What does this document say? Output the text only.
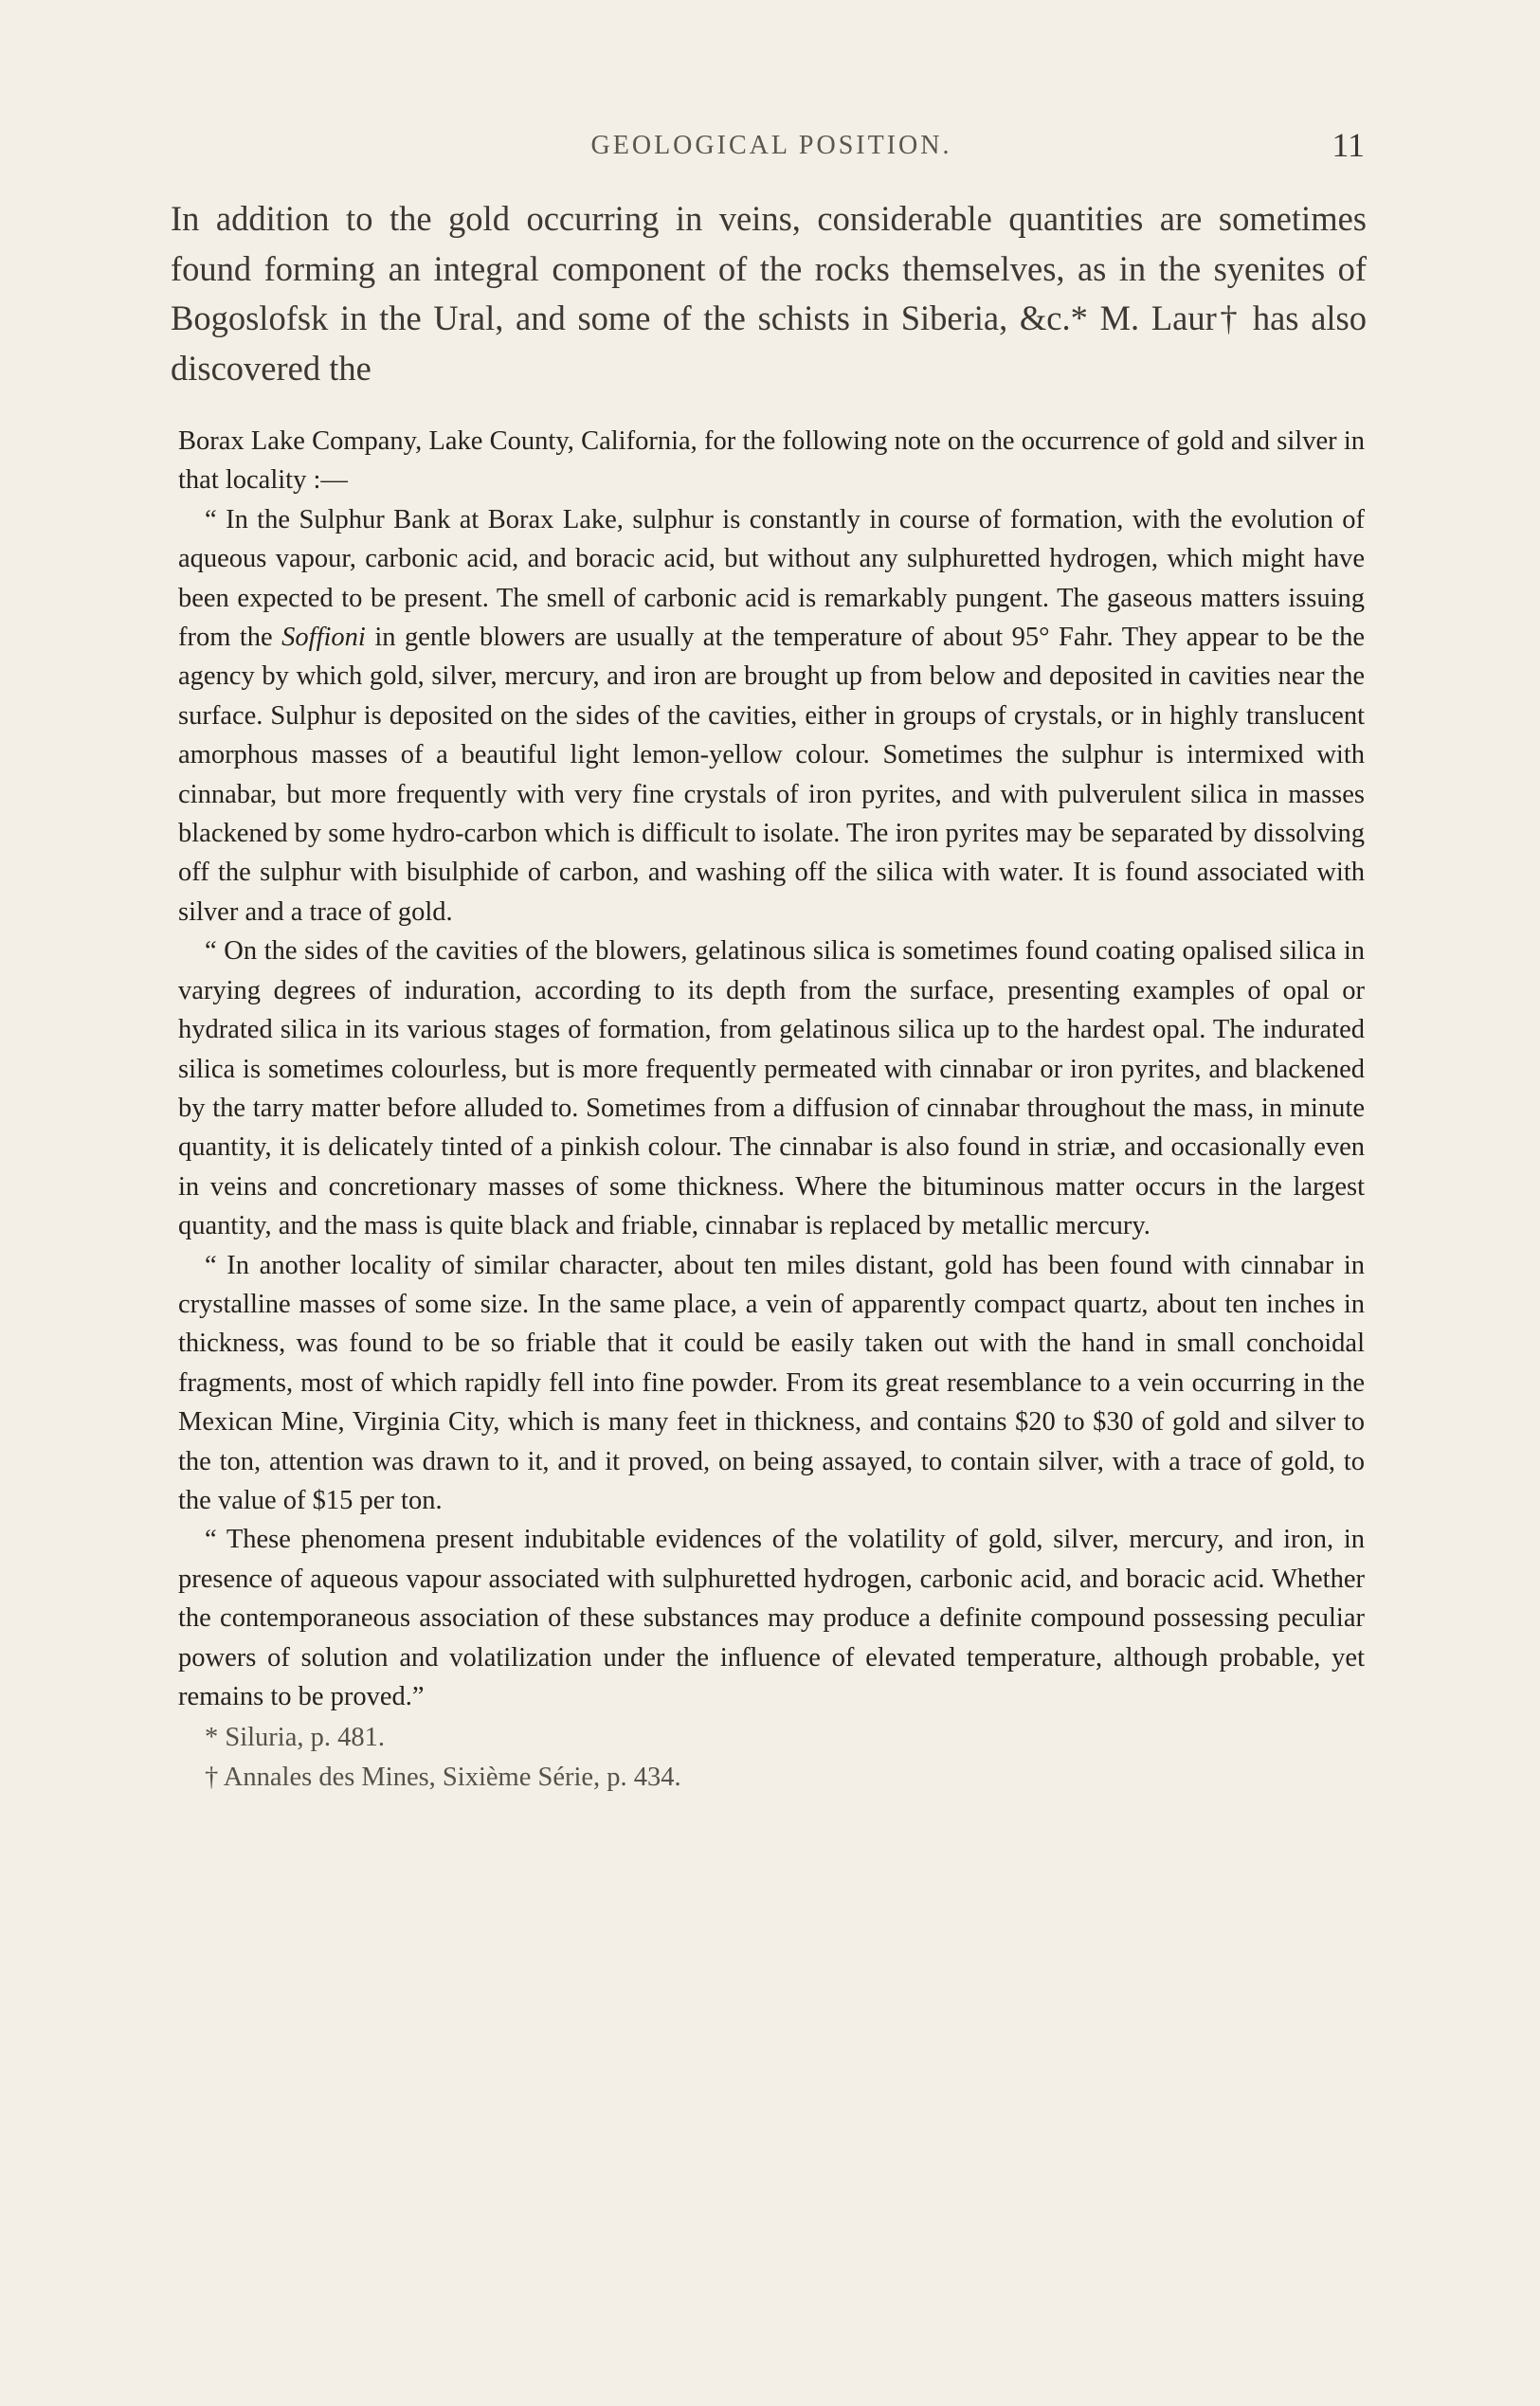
GEOLOGICAL POSITION.	11

In addition to the gold occurring in veins, considerable quantities are sometimes found forming an integral component of the rocks themselves, as in the syenites of Bogoslofsk in the Ural, and some of the schists in Siberia, &c.* M. Laur† has also discovered the

Borax Lake Company, Lake County, California, for the following note on the occurrence of gold and silver in that locality :—

“ In the Sulphur Bank at Borax Lake, sulphur is constantly in course of formation, with the evolution of aqueous vapour, carbonic acid, and boracic acid, but without any sulphuretted hydrogen, which might have been expected to be present. The smell of carbonic acid is remarkably pungent. The gaseous matters issuing from the Soffioni in gentle blowers are usually at the temperature of about 95° Fahr. They appear to be the agency by which gold, silver, mercury, and iron are brought up from below and deposited in cavities near the surface. Sulphur is deposited on the sides of the cavities, either in groups of crystals, or in highly translucent amorphous masses of a beautiful light lemon-yellow colour. Sometimes the sulphur is intermixed with cinnabar, but more frequently with very fine crystals of iron pyrites, and with pulverulent silica in masses blackened by some hydro-carbon which is difficult to isolate. The iron pyrites may be separated by dissolving off the sulphur with bisulphide of carbon, and washing off the silica with water. It is found associated with silver and a trace of gold.

“ On the sides of the cavities of the blowers, gelatinous silica is sometimes found coating opalised silica in varying degrees of induration, according to its depth from the surface, presenting examples of opal or hydrated silica in its various stages of formation, from gelatinous silica up to the hardest opal. The indurated silica is sometimes colourless, but is more frequently permeated with cinnabar or iron pyrites, and blackened by the tarry matter before alluded to. Sometimes from a diffusion of cinnabar throughout the mass, in minute quantity, it is delicately tinted of a pinkish colour. The cinnabar is also found in striæ, and occasionally even in veins and concretionary masses of some thickness. Where the bituminous matter occurs in the largest quantity, and the mass is quite black and friable, cinnabar is replaced by metallic mercury.

“ In another locality of similar character, about ten miles distant, gold has been found with cinnabar in crystalline masses of some size. In the same place, a vein of apparently compact quartz, about ten inches in thickness, was found to be so friable that it could be easily taken out with the hand in small conchoidal fragments, most of which rapidly fell into fine powder. From its great resemblance to a vein occurring in the Mexican Mine, Virginia City, which is many feet in thickness, and contains $20 to $30 of gold and silver to the ton, attention was drawn to it, and it proved, on being assayed, to contain silver, with a trace of gold, to the value of $15 per ton.

“ These phenomena present indubitable evidences of the volatility of gold, silver, mercury, and iron, in presence of aqueous vapour associated with sulphuretted hydrogen, carbonic acid, and boracic acid. Whether the contemporaneous association of these substances may produce a definite compound possessing peculiar powers of solution and volatilization under the influence of elevated temperature, although probable, yet remains to be proved.”

* Siluria, p. 481.

† Annales des Mines, Sixième Série, p. 434.
